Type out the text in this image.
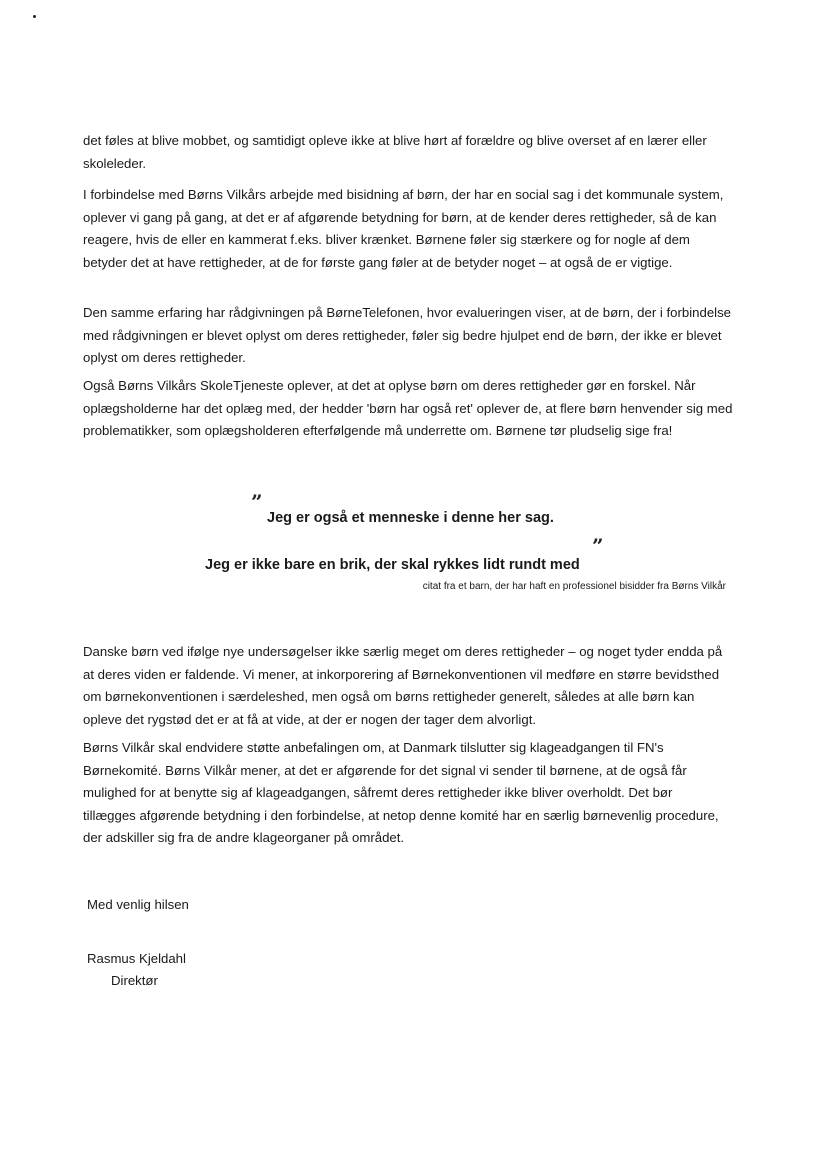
det føles at blive mobbet, og samtidigt opleve ikke at blive hørt af forældre og blive overset af en lærer eller skoleleder.

I forbindelse med Børns Vilkårs arbejde med bisidning af børn, der har en social sag i det kommunale system, oplever vi gang på gang, at det er af afgørende betydning for børn, at de kender deres rettigheder, så de kan reagere, hvis de eller en kammerat f.eks. bliver krænket. Børnene føler sig stærkere og for nogle af dem betyder det at have rettigheder, at de for første gang føler at de betyder noget – at også de er vigtige.

Den samme erfaring har rådgivningen på BørneTelefonen, hvor evalueringen viser, at de børn, der i forbindelse med rådgivningen er blevet oplyst om deres rettigheder, føler sig bedre hjulpet end de børn, der ikke er blevet oplyst om deres rettigheder.

Også Børns Vilkårs SkoleTjeneste oplever, at det at oplyse børn om deres rettigheder gør en forskel. Når oplægsholderne har det oplæg med, der hedder 'børn har også ret' oplever de, at flere børn henvender sig med problematikker, som oplægsholderen efterfølgende må underrette om. Børnene tør pludselig sige fra!

”
Jeg er også et menneske i denne her sag.
”
Jeg er ikke bare en brik, der skal rykkes lidt rundt med
citat fra et barn, der har haft en professionel bisidder fra Børns Vilkår

Danske børn ved ifølge nye undersøgelser ikke særlig meget om deres rettigheder – og noget tyder endda på at deres viden er faldende. Vi mener, at inkorporering af Børnekonventionen vil medføre en større bevidsthed om børnekonventionen i særdeleshed, men også om børns rettigheder generelt, således at alle børn kan opleve det rygstød det er at få at vide, at der er nogen der tager dem alvorligt.

Børns Vilkår skal endvidere støtte anbefalingen om, at Danmark tilslutter sig klageadgangen til FN's Børnekomité. Børns Vilkår mener, at det er afgørende for det signal vi sender til børnene, at de også får mulighed for at benytte sig af klageadgangen, såfremt deres rettigheder ikke bliver overholdt. Det bør tillægges afgørende betydning i den forbindelse, at netop denne komité har en særlig børnevenlig procedure, der adskiller sig fra de andre klageorganer på området.

Med venlig hilsen
Rasmus Kjeldahl
Direktør
